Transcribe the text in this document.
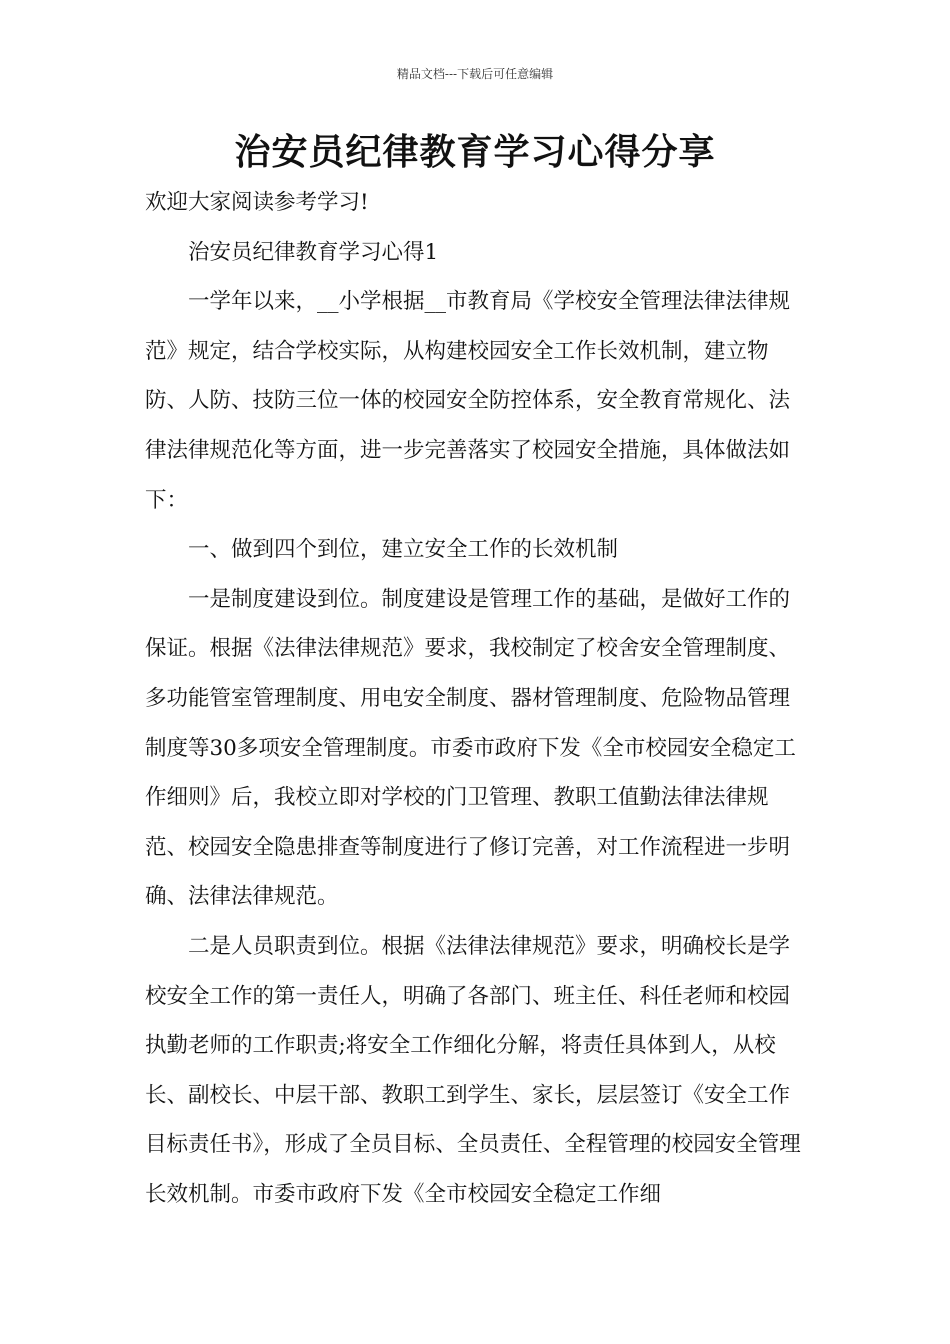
精品文档---下载后可任意编辑
治安员纪律教育学习心得分享

欢迎大家阅读参考学习!

治安员纪律教育学习心得1

一学年以来，__小学根据__市教育局《学校安全管理法律法律规范》规定，结合学校实际，从构建校园安全工作长效机制，建立物防、人防、技防三位一体的校园安全防控体系，安全教育常规化、法律法律规范化等方面，进一步完善落实了校园安全措施，具体做法如下：

一、做到四个到位，建立安全工作的长效机制

一是制度建设到位。制度建设是管理工作的基础，是做好工作的保证。根据《法律法律规范》要求，我校制定了校舍安全管理制度、多功能管室管理制度、用电安全制度、器材管理制度、危险物品管理制度等30多项安全管理制度。市委市政府下发《全市校园安全稳定工作细则》后，我校立即对学校的门卫管理、教职工值勤法律法律规范、校园安全隐患排查等制度进行了修订完善，对工作流程进一步明确、法律法律规范。

二是人员职责到位。根据《法律法律规范》要求，明确校长是学校安全工作的第一责任人，明确了各部门、班主任、科任老师和校园执勤老师的工作职责;将安全工作细化分解，将责任具体到人，从校长、副校长、中层干部、教职工到学生、家长，层层签订《安全工作目标责任书》，形成了全员目标、全员责任、全程管理的校园安全管理长效机制。市委市政府下发《全市校园安全稳定工作细
